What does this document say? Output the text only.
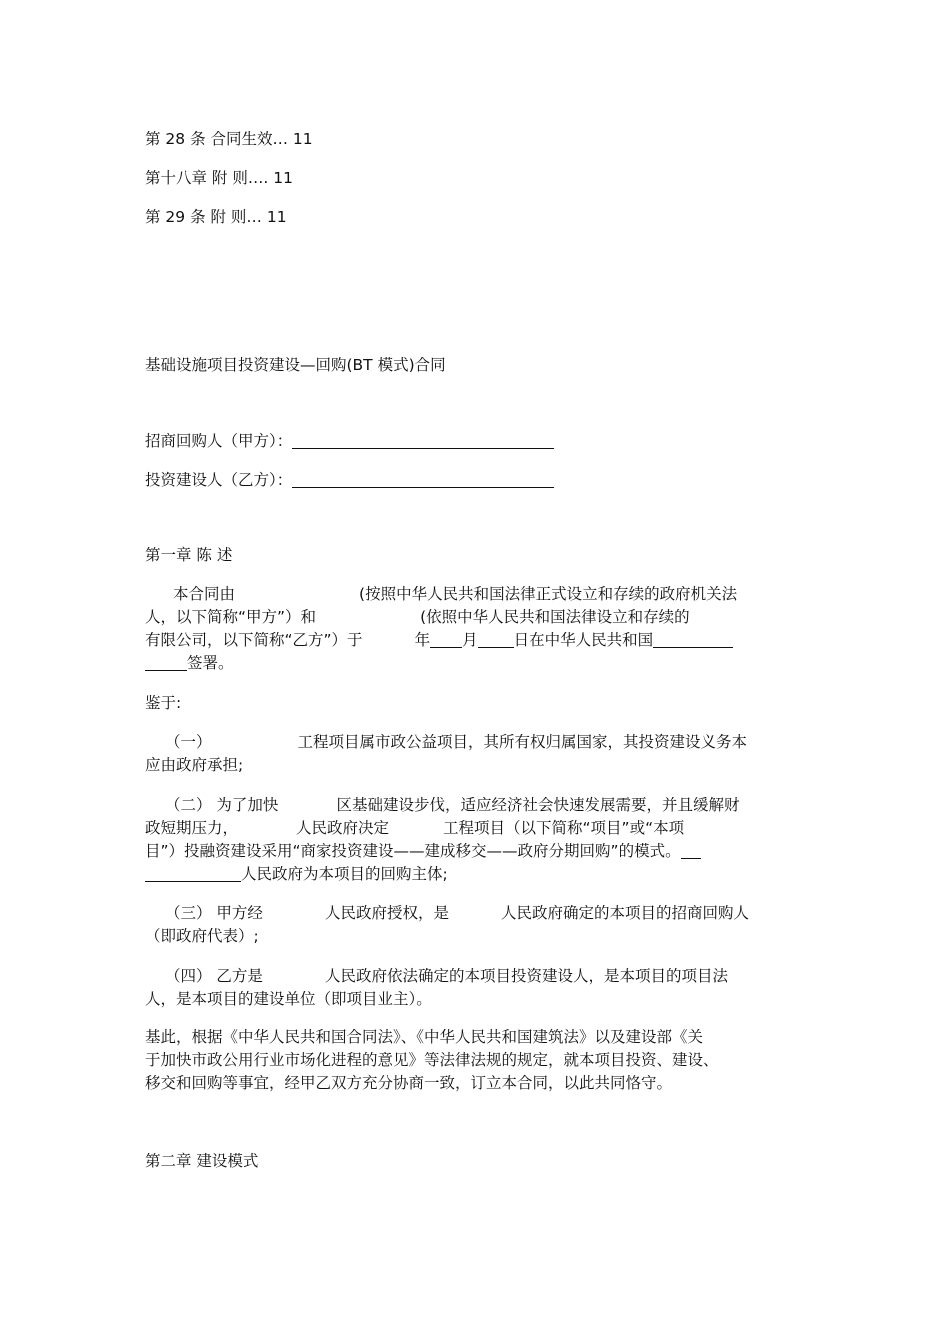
第 28 条 合同生效… 11
第十八章 附 则…. 11
第 29 条 附 则… 11
基础设施项目投资建设—回购(BT 模式)合同
招商回购人（甲方）：
投资建设人（乙方）：
第一章 陈 述
本合同由	(按照中华人民共和国法律正式设立和存续的政府机关法
人，以下简称“甲方”）和	(依照中华人民共和国法律设立和存续的
有限公司，以下简称“乙方”）于	年 月 日在中华人民共和国
签署。
鉴于:
（一）	工程项目属市政公益项目，其所有权归属国家，其投资建设义务本
应由政府承担;
（二） 为了加快	区基础建设步伐，适应经济社会快速发展需要，并且缓解财
政短期压力，	人民政府决定	工程项目（以下简称“项目”或“本项
目”）投融资建设采用“商家投资建设——建成移交——政府分期回购”的模式。
人民政府为本项目的回购主体;
（三） 甲方经	人民政府授权，是	人民政府确定的本项目的招商回购人
（即政府代表）;
（四） 乙方是	人民政府依法确定的本项目投资建设人，是本项目的项目法
人，是本项目的建设单位（即项目业主）。
基此，根据《中华人民共和国合同法》、《中华人民共和国建筑法》以及建设部《关
于加快市政公用行业市场化进程的意见》等法律法规的规定，就本项目投资、建设、
移交和回购等事宜，经甲乙双方充分协商一致，订立本合同，以此共同恪守。
第二章 建设模式
